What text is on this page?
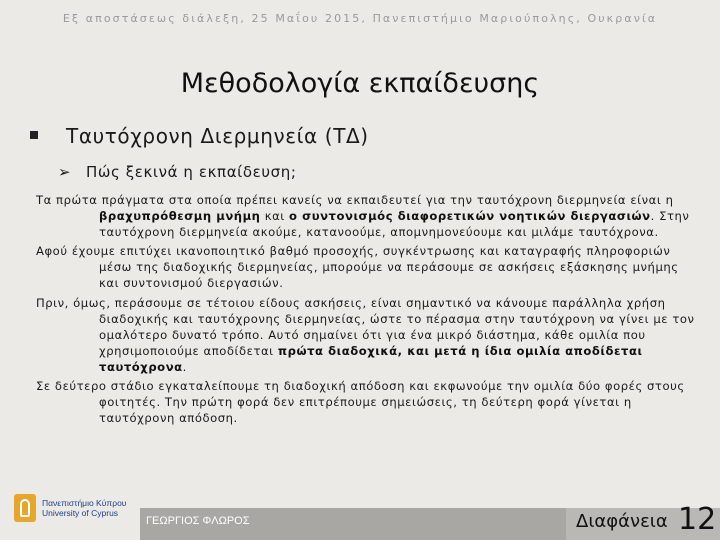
Εξ αποστάσεως διάλεξη, 25 Μαΐου 2015, Πανεπιστήμιο Μαριούπολης, Ουκρανία
Μεθοδολογία εκπαίδευσης
Ταυτόχρονη Διερμηνεία (ΤΔ)
➢ Πώς ξεκινά η εκπαίδευση;

Τα πρώτα πράγματα στα οποία πρέπει κανείς να εκπαιδευτεί για την ταυτόχρονη διερμηνεία είναι η βραχυπρόθεσμη μνήμη και ο συντονισμός διαφορετικών νοητικών διεργασιών. Στην ταυτόχρονη διερμηνεία ακούμε, κατανοούμε, απομνημονεύουμε και μιλάμε ταυτόχρονα.

Αφού έχουμε επιτύχει ικανοποιητικό βαθμό προσοχής, συγκέντρωσης και καταγραφής πληροφοριών μέσω της διαδοχικής διερμηνείας, μπορούμε να περάσουμε σε ασκήσεις εξάσκησης μνήμης και συντονισμού διεργασιών.

Πριν, όμως, περάσουμε σε τέτοιου είδους ασκήσεις, είναι σημαντικό να κάνουμε παράλληλα χρήση διαδοχικής και ταυτόχρονης διερμηνείας, ώστε το πέρασμα στην ταυτόχρονη να γίνει με τον ομαλότερο δυνατό τρόπο. Αυτό σημαίνει ότι για ένα μικρό διάστημα, κάθε ομιλία που χρησιμοποιούμε αποδίδεται πρώτα διαδοχικά, και μετά η ίδια ομιλία αποδίδεται ταυτόχρονα.

Σε δεύτερο στάδιο εγκαταλείπουμε τη διαδοχική απόδοση και εκφωνούμε την ομιλία δύο φορές στους φοιτητές. Την πρώτη φορά δεν επιτρέπουμε σημειώσεις, τη δεύτερη φορά γίνεται η ταυτόχρονη απόδοση.

Πανεπιστήμιο Κύπρου
University of Cyprus
ΓΕΩΡΓΙΟΣ ΦΛΩΡΟΣ	Διαφάνεια 12
